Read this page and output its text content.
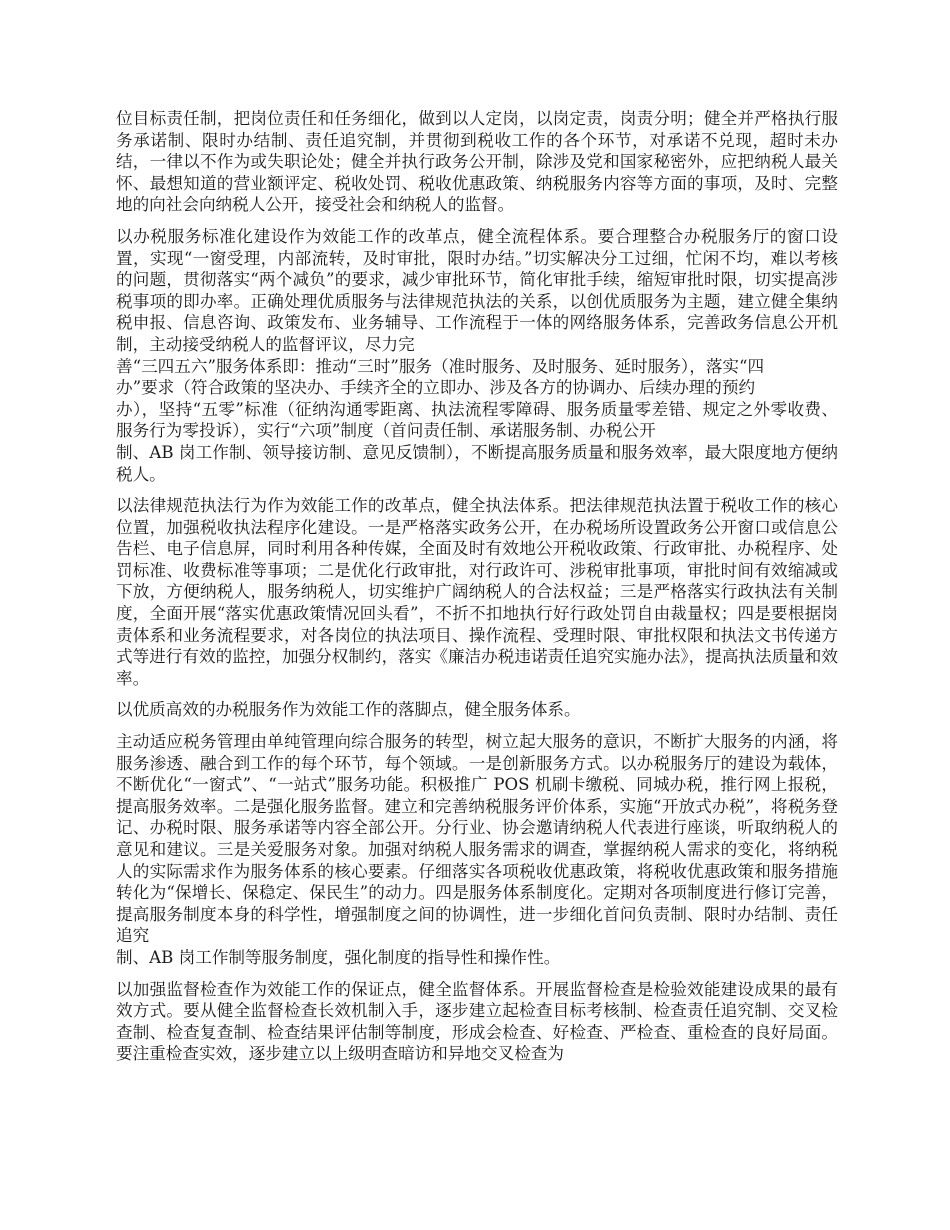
位目标责任制，把岗位责任和任务细化，做到以人定岗，以岗定责，岗责分明；健全并严格执行服务承诺制、限时办结制、责任追究制，并贯彻到税收工作的各个环节，对承诺不兑现，超时未办结，一律以不作为或失职论处；健全并执行政务公开制，除涉及党和国家秘密外，应把纳税人最关怀、最想知道的营业额评定、税收处罚、税收优惠政策、纳税服务内容等方面的事项，及时、完整地的向社会向纳税人公开，接受社会和纳税人的监督。

以办税服务标准化建设作为效能工作的改革点，健全流程体系。要合理整合办税服务厅的窗口设置，实现“一窗受理，内部流转，及时审批，限时办结。”切实解决分工过细，忙闲不均，难以考核的问题，贯彻落实“两个减负”的要求，减少审批环节，简化审批手续，缩短审批时限，切实提高涉税事项的即办率。正确处理优质服务与法律规范执法的关系，以创优质服务为主题，建立健全集纳税申报、信息咨询、政策发布、业务辅导、工作流程于一体的网络服务体系，完善政务信息公开机制，主动接受纳税人的监督评议，尽力完
善“三四五六”服务体系即：推动“三时”服务（准时服务、及时服务、延时服务），落实“四
办”要求（符合政策的坚决办、手续齐全的立即办、涉及各方的协调办、后续办理的预约
办），坚持“五零”标准（征纳沟通零距离、执法流程零障碍、服务质量零差错、规定之外零收费、服务行为零投诉），实行“六项”制度（首问责任制、承诺服务制、办税公开
制、AB 岗工作制、领导接访制、意见反馈制），不断提高服务质量和服务效率，最大限度地方便纳税人。

以法律规范执法行为作为效能工作的改革点，健全执法体系。把法律规范执法置于税收工作的核心位置，加强税收执法程序化建设。一是严格落实政务公开，在办税场所设置政务公开窗口或信息公告栏、电子信息屏，同时利用各种传媒，全面及时有效地公开税收政策、行政审批、办税程序、处罚标准、收费标准等事项；二是优化行政审批，对行政许可、涉税审批事项，审批时间有效缩减或下放，方便纳税人，服务纳税人，切实维护广阔纳税人的合法权益；三是严格落实行政执法有关制度，全面开展“落实优惠政策情况回头看”，不折不扣地执行好行政处罚自由裁量权；四是要根据岗责体系和业务流程要求，对各岗位的执法项目、操作流程、受理时限、审批权限和执法文书传递方式等进行有效的监控，加强分权制约，落实《廉洁办税违诺责任追究实施办法》，提高执法质量和效率。

以优质高效的办税服务作为效能工作的落脚点，健全服务体系。

主动适应税务管理由单纯管理向综合服务的转型，树立起大服务的意识，不断扩大服务的内涵，将服务渗透、融合到工作的每个环节，每个领域。一是创新服务方式。以办税服务厅的建设为载体，不断优化“一窗式”、“一站式”服务功能。积极推广 POS 机刷卡缴税、同城办税，推行网上报税，提高服务效率。二是强化服务监督。建立和完善纳税服务评价体系，实施“开放式办税”，将税务登记、办税时限、服务承诺等内容全部公开。分行业、协会邀请纳税人代表进行座谈，听取纳税人的意见和建议。三是关爱服务对象。加强对纳税人服务需求的调查，掌握纳税人需求的变化，将纳税人的实际需求作为服务体系的核心要素。仔细落实各项税收优惠政策，将税收优惠政策和服务措施转化为“保增长、保稳定、保民生”的动力。四是服务体系制度化。定期对各项制度进行修订完善，提高服务制度本身的科学性，增强制度之间的协调性，进一步细化首问负责制、限时办结制、责任追究
制、AB 岗工作制等服务制度，强化制度的指导性和操作性。

以加强监督检查作为效能工作的保证点，健全监督体系。开展监督检查是检验效能建设成果的最有效方式。要从健全监督检查长效机制入手，逐步建立起检查目标考核制、检查责任追究制、交叉检查制、检查复查制、检查结果评估制等制度，形成会检查、好检查、严检查、重检查的良好局面。要注重检查实效，逐步建立以上级明查暗访和异地交叉检查为
